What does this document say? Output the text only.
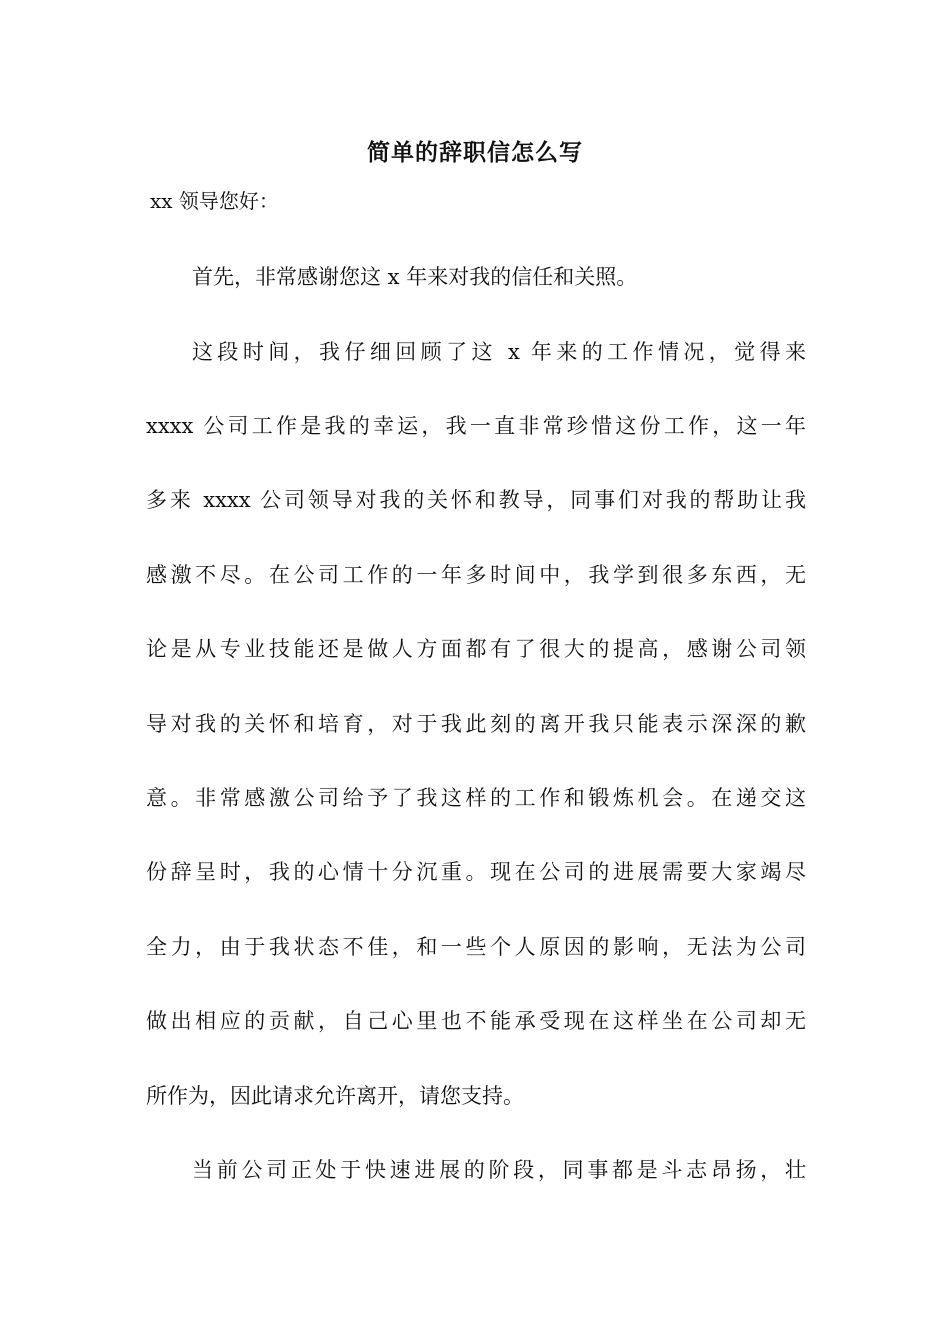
简单的辞职信怎么写
xx 领导您好：
首先，非常感谢您这 x 年来对我的信任和关照。
这段时间，我仔细回顾了这 x 年来的工作情况，觉得来
xxxx 公司工作是我的幸运，我一直非常珍惜这份工作，这一年
多来 xxxx 公司领导对我的关怀和教导，同事们对我的帮助让我
感激不尽。在公司工作的一年多时间中，我学到很多东西，无
论是从专业技能还是做人方面都有了很大的提高，感谢公司领
导对我的关怀和培育，对于我此刻的离开我只能表示深深的歉
意。非常感激公司给予了我这样的工作和锻炼机会。在递交这
份辞呈时，我的心情十分沉重。现在公司的进展需要大家竭尽
全力，由于我状态不佳，和一些个人原因的影响，无法为公司
做出相应的贡献，自己心里也不能承受现在这样坐在公司却无
所作为，因此请求允许离开，请您支持。
当前公司正处于快速进展的阶段，同事都是斗志昂扬，壮
